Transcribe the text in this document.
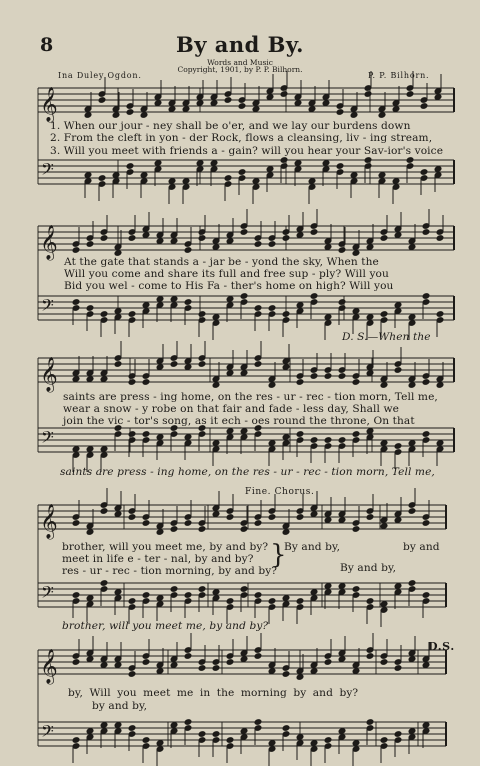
8	By and By.
Words and Music
Copyright, 1901, by P. P. Bilhorn.
Ina Duley Ogdon.	P. P. Bilhorn.
𝄞
𝄢
𝄞
𝄢
𝄞
𝄢
𝄞
𝄢
𝄞
𝄢
1. When our jour - ney shall be o'er, and we lay our burdens down
2. From the cleft in yon - der Rock, flows a cleansing, liv - ing stream,
3. Will you meet with friends a - gain? will you hear your Sav-ior's voice
At the gate that stands a - jar be - yond the sky, When the
Will you come and share its full and free sup - ply? Will you
Bid you wel - come to His Fa - ther's home on high? Will you
D. S.—When the
saints are press - ing home, on the res - ur - rec - tion morn, Tell me,
wear a snow - y robe on that fair and fade - less day, Shall we
join the vic - tor's song, as it ech - oes round the throne, On that
saints are press - ing home, on the res - ur - rec - tion morn, Tell me,
Fine. Chorus.
brother, will you meet me, by and by?
meet in life e - ter - nal, by and by?
res - ur - rec - tion morning, by and by?
}
By and by,	by and
By and by,
brother, will you meet me, by and by?
D.S.
by, Will you meet me in the morning by and by?
by and by,
